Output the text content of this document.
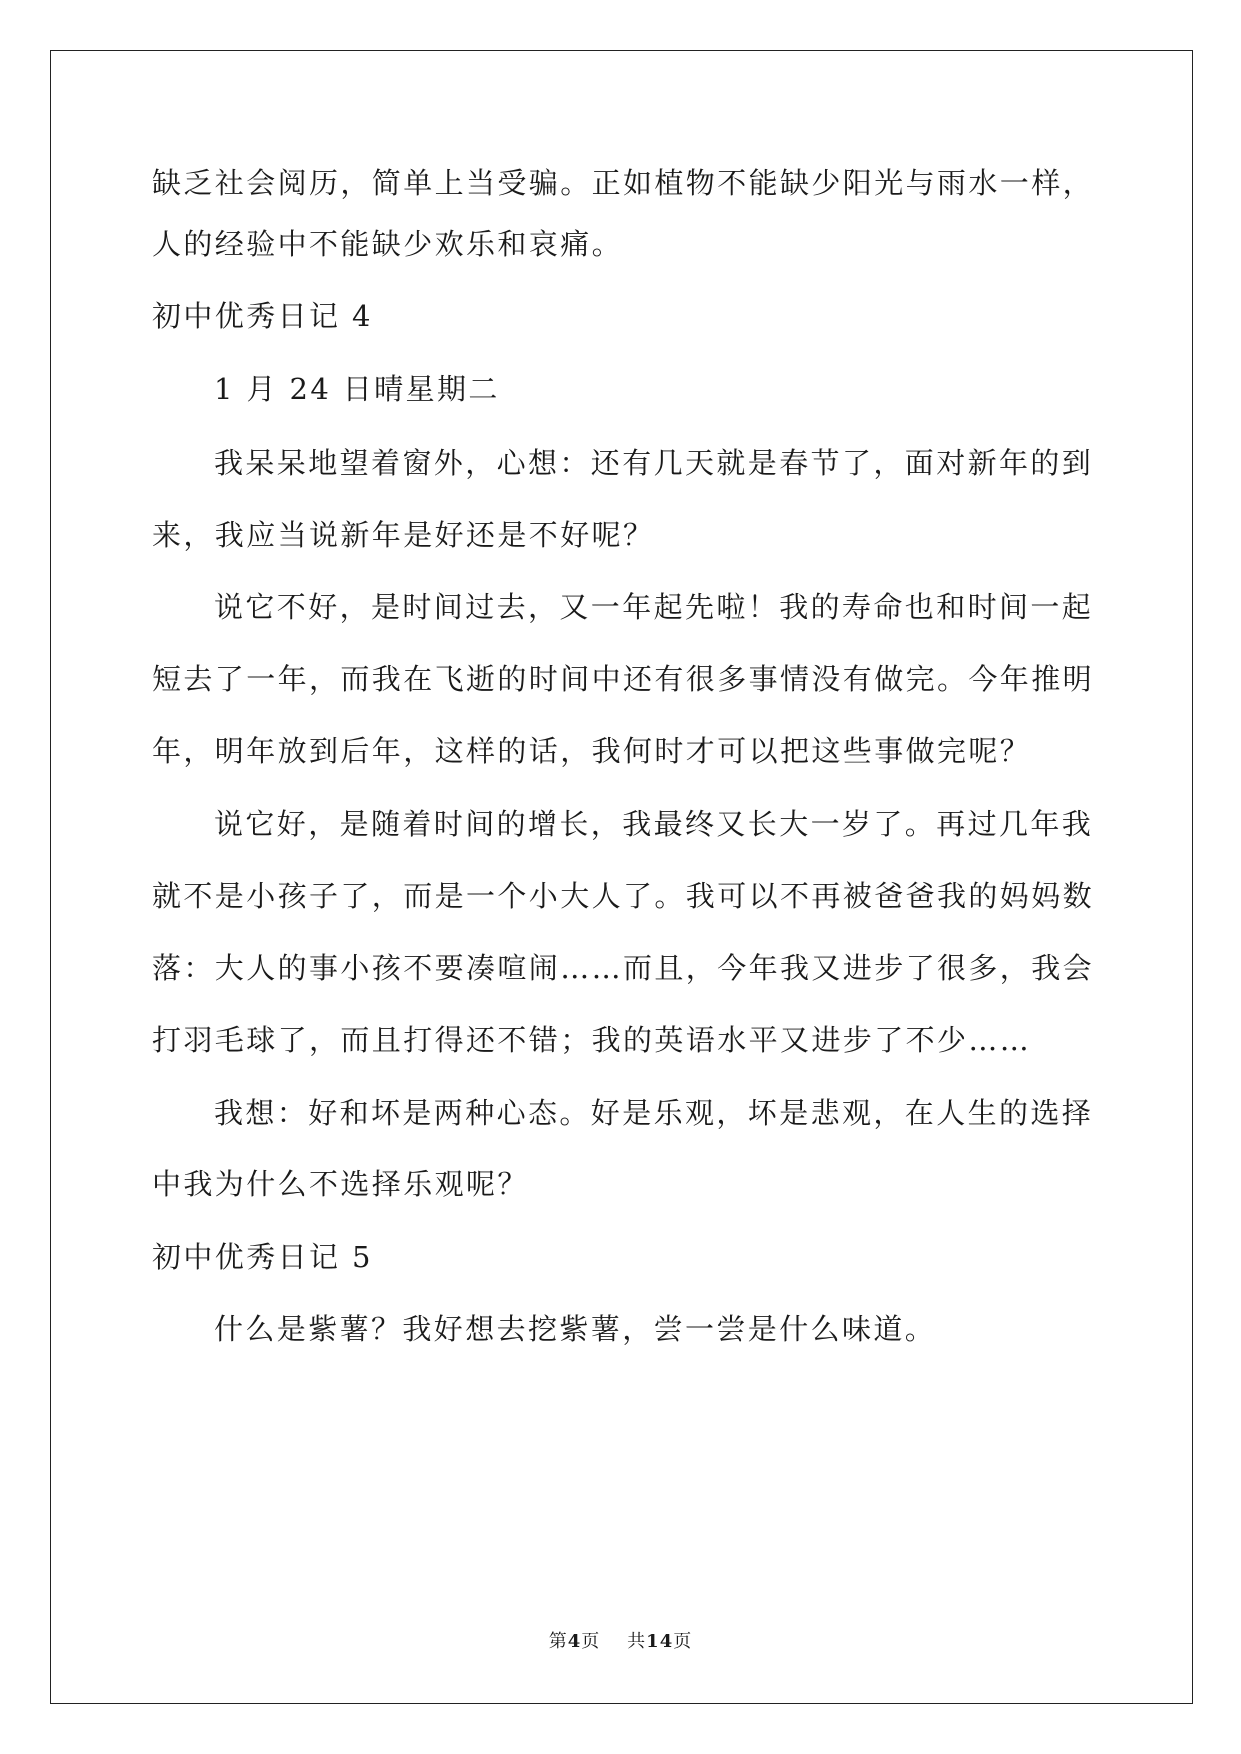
缺乏社会阅历，简单上当受骗。正如植物不能缺少阳光与雨水一样，
人的经验中不能缺少欢乐和哀痛。
初中优秀日记 4
1 月 24 日晴星期二
我呆呆地望着窗外，心想：还有几天就是春节了，面对新年的到
来，我应当说新年是好还是不好呢？
说它不好，是时间过去，又一年起先啦！我的寿命也和时间一起
短去了一年，而我在飞逝的时间中还有很多事情没有做完。今年推明
年，明年放到后年，这样的话，我何时才可以把这些事做完呢？
说它好，是随着时间的增长，我最终又长大一岁了。再过几年我
就不是小孩子了，而是一个小大人了。我可以不再被爸爸我的妈妈数
落：大人的事小孩不要凑喧闹……而且，今年我又进步了很多，我会
打羽毛球了，而且打得还不错；我的英语水平又进步了不少……
我想：好和坏是两种心态。好是乐观，坏是悲观，在人生的选择
中我为什么不选择乐观呢？
初中优秀日记 5
什么是紫薯？我好想去挖紫薯，尝一尝是什么味道。
第4页 共14页
